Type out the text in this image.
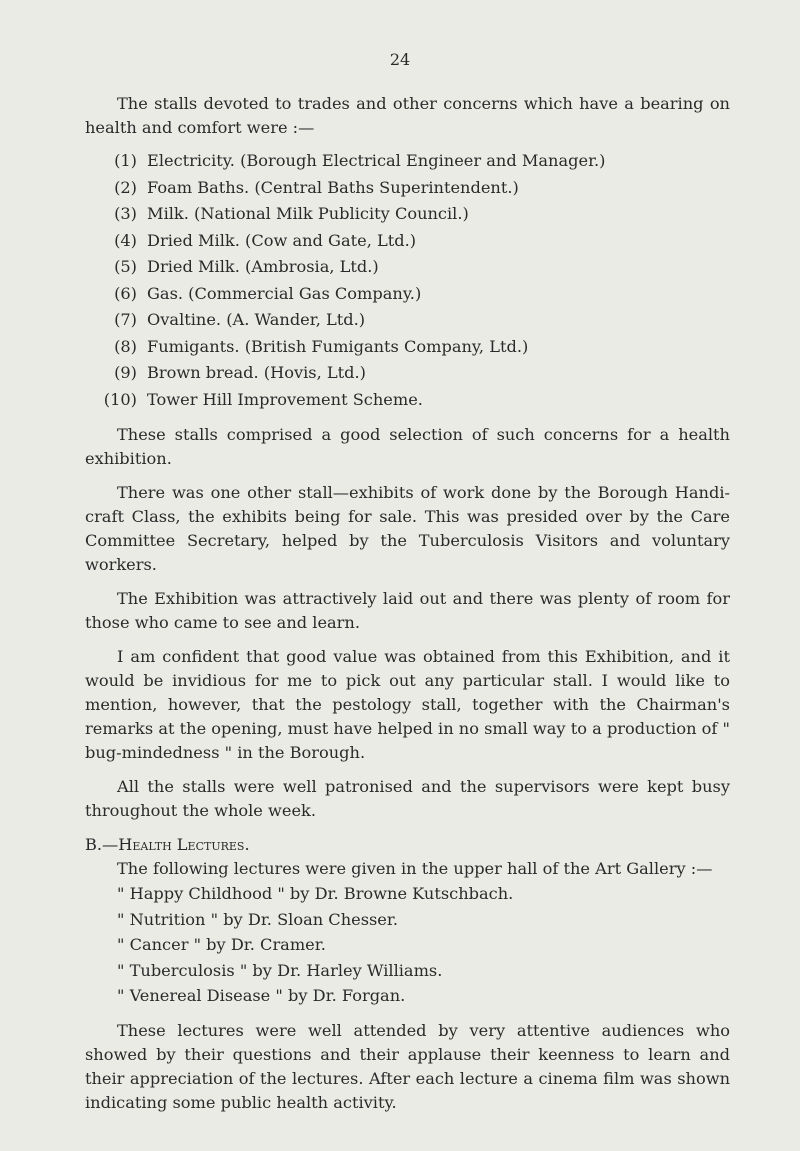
24

The stalls devoted to trades and other concerns which have a bearing on health and comfort were :—

(1) Electricity. (Borough Electrical Engineer and Manager.)
(2) Foam Baths. (Central Baths Superintendent.)
(3) Milk. (National Milk Publicity Council.)
(4) Dried Milk. (Cow and Gate, Ltd.)
(5) Dried Milk. (Ambrosia, Ltd.)
(6) Gas. (Commercial Gas Company.)
(7) Ovaltine. (A. Wander, Ltd.)
(8) Fumigants. (British Fumigants Company, Ltd.)
(9) Brown bread. (Hovis, Ltd.)
(10) Tower Hill Improvement Scheme.

These stalls comprised a good selection of such concerns for a health exhibition.

There was one other stall—exhibits of work done by the Borough Handi-craft Class, the exhibits being for sale. This was presided over by the Care Committee Secretary, helped by the Tuberculosis Visitors and voluntary workers.

The Exhibition was attractively laid out and there was plenty of room for those who came to see and learn.

I am confident that good value was obtained from this Exhibition, and it would be invidious for me to pick out any particular stall. I would like to mention, however, that the pestology stall, together with the Chairman's remarks at the opening, must have helped in no small way to a production of " bug-mindedness " in the Borough.

All the stalls were well patronised and the supervisors were kept busy throughout the whole week.

B.—Health Lectures.

The following lectures were given in the upper hall of the Art Gallery :—

" Happy Childhood " by Dr. Browne Kutschbach.
" Nutrition " by Dr. Sloan Chesser.
" Cancer " by Dr. Cramer.
" Tuberculosis " by Dr. Harley Williams.
" Venereal Disease " by Dr. Forgan.

These lectures were well attended by very attentive audiences who showed by their questions and their applause their keenness to learn and their appreciation of the lectures. After each lecture a cinema film was shown indicating some public health activity.
